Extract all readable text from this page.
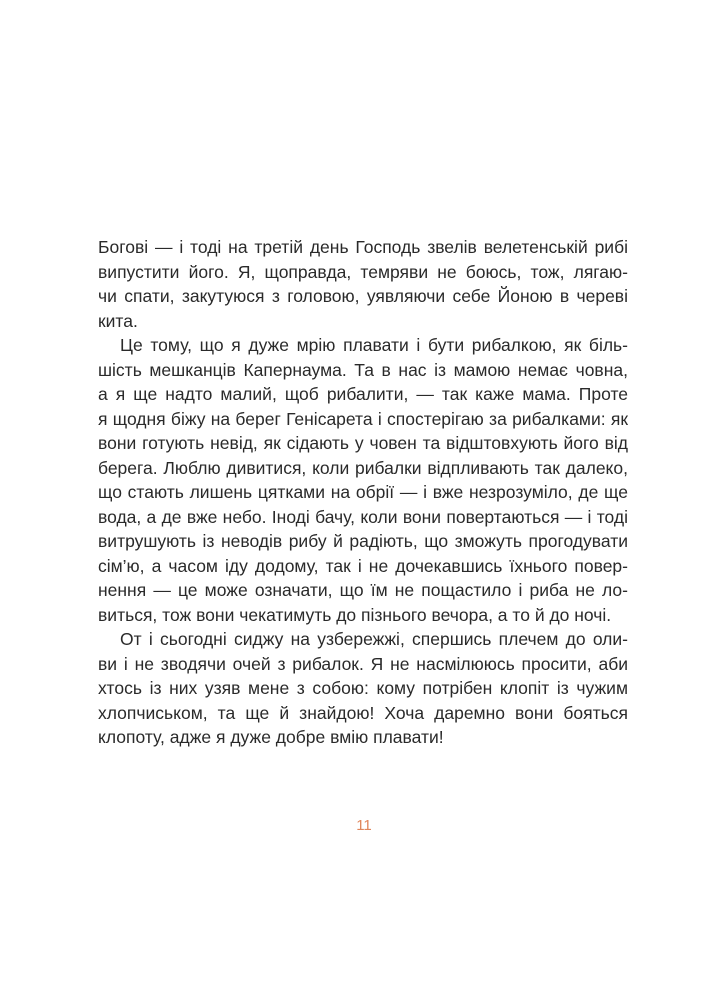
Богові — і тоді на третій день Господь звелів велетенській рибі
випустити його. Я, щоправда, темряви не боюсь, тож, лягаю-
чи спати, закутуюся з головою, уявляючи себе Йоною в череві
кита.

Це тому, що я дуже мрію плавати і бути рибалкою, як біль-
шість мешканців Капернаума. Та в нас із мамою немає човна,
а я ще надто малий, щоб рибалити, — так каже мама. Проте
я щодня біжу на берег Генісарета і спостерігаю за рибалками: як
вони готують невід, як сідають у човен та відштовхують його від
берега. Люблю дивитися, коли рибалки відпливають так далеко,
що стають лишень цятками на обрії — і вже незрозуміло, де ще
вода, а де вже небо. Іноді бачу, коли вони повертаються — і тоді
витрушують із неводів рибу й радіють, що зможуть прогодувати
сім’ю, а часом іду додому, так і не дочекавшись їхнього повер-
нення — це може означати, що їм не пощастило і риба не ло-
виться, тож вони чекатимуть до пізнього вечора, а то й до ночі.

От і сьогодні сиджу на узбережжі, спершись плечем до оли-
ви і не зводячи очей з рибалок. Я не насмілююсь просити, аби
хтось із них узяв мене з собою: кому потрібен клопіт із чужим
хлопчиськом, та ще й знайдою! Хоча даремно вони бояться
клопоту, адже я дуже добре вмію плавати!

11
